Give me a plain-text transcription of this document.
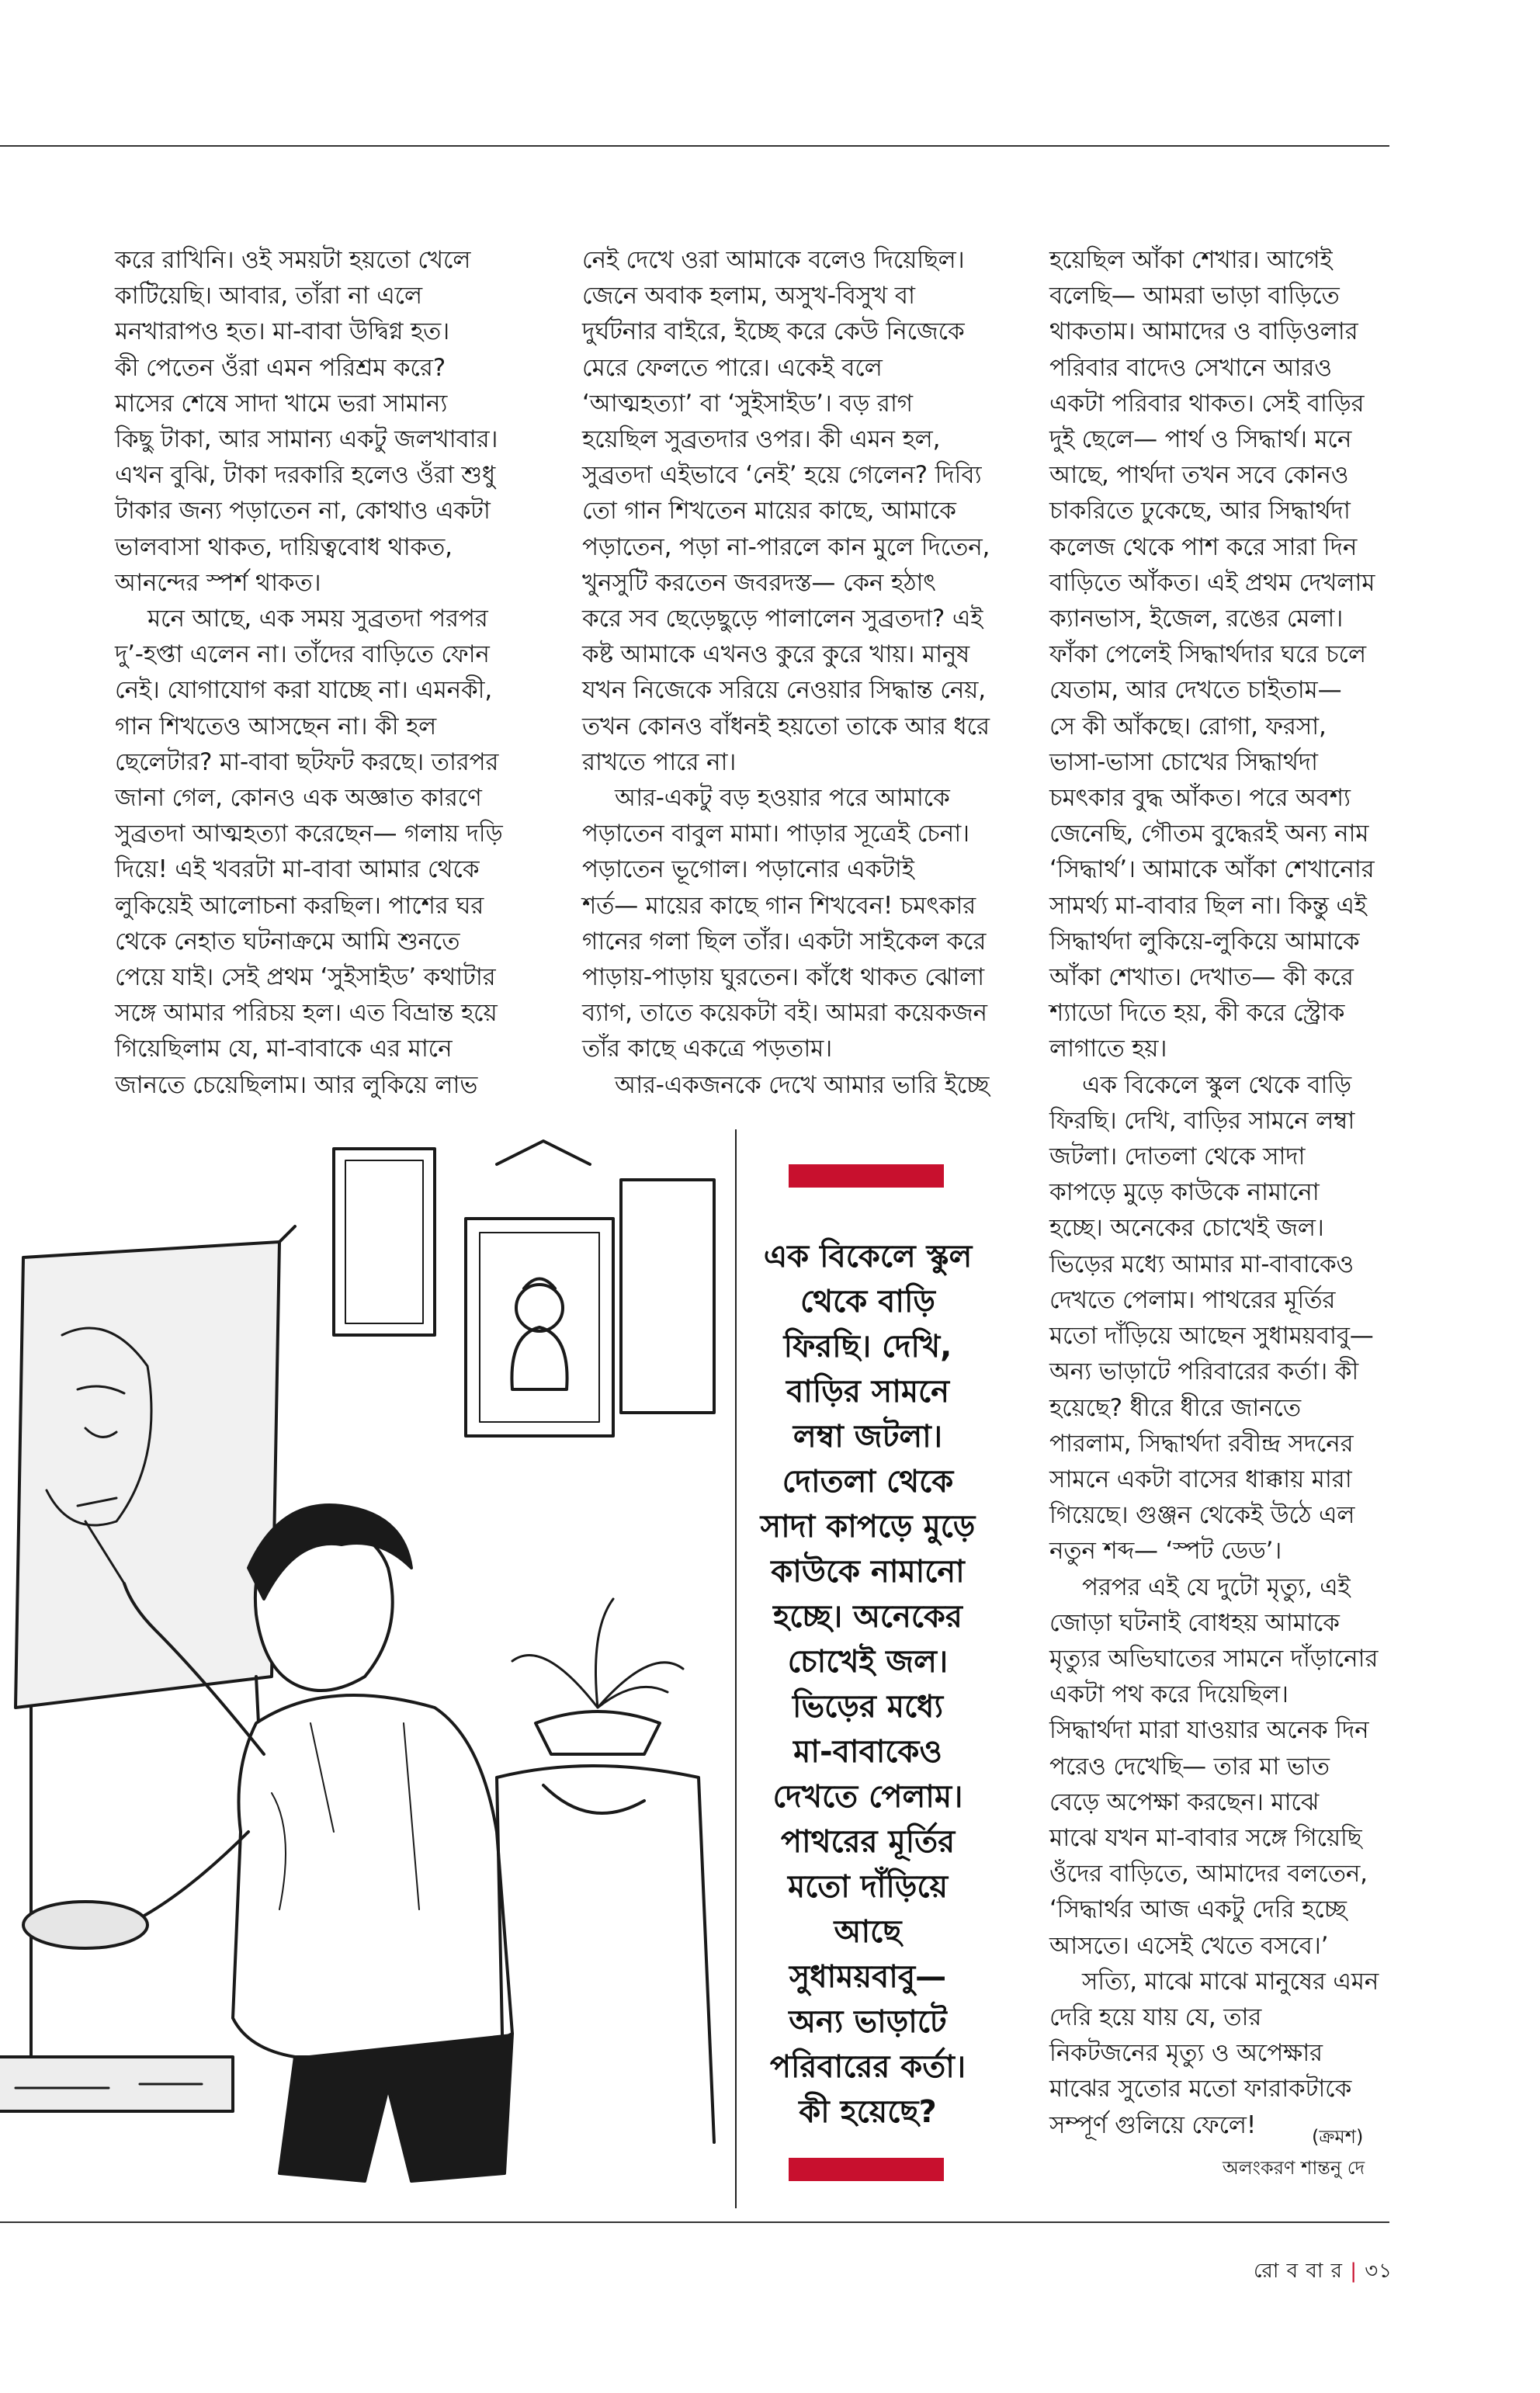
করে রাখিনি। ওই সময়টা হয়তো খেলে

কাটিয়েছি। আবার, তাঁরা না এলে

মনখারাপও হত। মা-বাবা উদ্বিগ্ন হত।

কী পেতেন ওঁরা এমন পরিশ্রম করে?

মাসের শেষে সাদা খামে ভরা সামান্য

কিছু টাকা, আর সামান্য একটু জলখাবার।

এখন বুঝি, টাকা দরকারি হলেও ওঁরা শুধু

টাকার জন্য পড়াতেন না, কোথাও একটা

ভালবাসা থাকত, দায়িত্ববোধ থাকত,

আনন্দের স্পর্শ থাকত।

মনে আছে, এক সময় সুব্রতদা পরপর

দু’-হপ্তা এলেন না। তাঁদের বাড়িতে ফোন

নেই। যোগাযোগ করা যাচ্ছে না। এমনকী,

গান শিখতেও আসছেন না। কী হল

ছেলেটার? মা-বাবা ছটফট করছে। তারপর

জানা গেল, কোনও এক অজ্ঞাত কারণে

সুব্রতদা আত্মহত্যা করেছেন— গলায় দড়ি

দিয়ে! এই খবরটা মা-বাবা আমার থেকে

লুকিয়েই আলোচনা করছিল। পাশের ঘর

থেকে নেহাত ঘটনাক্রমে আমি শুনতে

পেয়ে যাই। সেই প্রথম ‘সুইসাইড’ কথাটার

সঙ্গে আমার পরিচয় হল। এত বিভ্রান্ত হয়ে

গিয়েছিলাম যে, মা-বাবাকে এর মানে

জানতে চেয়েছিলাম। আর লুকিয়ে লাভ

নেই দেখে ওরা আমাকে বলেও দিয়েছিল।

জেনে অবাক হলাম, অসুখ-বিসুখ বা

দুর্ঘটনার বাইরে, ইচ্ছে করে কেউ নিজেকে

মেরে ফেলতে পারে। একেই বলে

‘আত্মহত্যা’ বা ‘সুইসাইড’। বড় রাগ

হয়েছিল সুব্রতদার ওপর। কী এমন হল,

সুব্রতদা এইভাবে ‘নেই’ হয়ে গেলেন? দিব্যি

তো গান শিখতেন মায়ের কাছে, আমাকে

পড়াতেন, পড়া না-পারলে কান মুলে দিতেন,

খুনসুটি করতেন জবরদস্ত— কেন হঠাৎ

করে সব ছেড়েছুড়ে পালালেন সুব্রতদা? এই

কষ্ট আমাকে এখনও কুরে কুরে খায়। মানুষ

যখন নিজেকে সরিয়ে নেওয়ার সিদ্ধান্ত নেয়,

তখন কোনও বাঁধনই হয়তো তাকে আর ধরে

রাখতে পারে না।

আর-একটু বড় হওয়ার পরে আমাকে

পড়াতেন বাবুল মামা। পাড়ার সূত্রেই চেনা।

পড়াতেন ভূগোল। পড়ানোর একটাই

শর্ত— মায়ের কাছে গান শিখবেন! চমৎকার

গানের গলা ছিল তাঁর। একটা সাইকেল করে

পাড়ায়-পাড়ায় ঘুরতেন। কাঁধে থাকত ঝোলা

ব্যাগ, তাতে কয়েকটা বই। আমরা কয়েকজন

তাঁর কাছে একত্রে পড়তাম।

আর-একজনকে দেখে আমার ভারি ইচ্ছে

হয়েছিল আঁকা শেখার। আগেই

বলেছি— আমরা ভাড়া বাড়িতে

থাকতাম। আমাদের ও বাড়িওলার

পরিবার বাদেও সেখানে আরও

একটা পরিবার থাকত। সেই বাড়ির

দুই ছেলে— পার্থ ও সিদ্ধার্থ। মনে

আছে, পার্থদা তখন সবে কোনও

চাকরিতে ঢুকেছে, আর সিদ্ধার্থদা

কলেজ থেকে পাশ করে সারা দিন

বাড়িতে আঁকত। এই প্রথম দেখলাম

ক্যানভাস, ইজেল, রঙের মেলা।

ফাঁকা পেলেই সিদ্ধার্থদার ঘরে চলে

যেতাম, আর দেখতে চাইতাম—

সে কী আঁকছে। রোগা, ফরসা,

ভাসা-ভাসা চোখের সিদ্ধার্থদা

চমৎকার বুদ্ধ আঁকত। পরে অবশ্য

জেনেছি, গৌতম বুদ্ধেরই অন্য নাম

‘সিদ্ধার্থ’। আমাকে আঁকা শেখানোর

সামর্থ্য মা-বাবার ছিল না। কিন্তু এই

সিদ্ধার্থদা লুকিয়ে-লুকিয়ে আমাকে

আঁকা শেখাত। দেখাত— কী করে

শ্যাডো দিতে হয়, কী করে স্ট্রোক

লাগাতে হয়।

এক বিকেলে স্কুল থেকে বাড়ি

ফিরছি। দেখি, বাড়ির সামনে লম্বা

জটলা। দোতলা থেকে সাদা

কাপড়ে মুড়ে কাউকে নামানো

হচ্ছে। অনেকের চোখেই জল।

ভিড়ের মধ্যে আমার মা-বাবাকেও

দেখতে পেলাম। পাথরের মূর্তির

মতো দাঁড়িয়ে আছেন সুধাময়বাবু—

অন্য ভাড়াটে পরিবারের কর্তা। কী

হয়েছে? ধীরে ধীরে জানতে

পারলাম, সিদ্ধার্থদা রবীন্দ্র সদনের

সামনে একটা বাসের ধাক্কায় মারা

গিয়েছে। গুঞ্জন থেকেই উঠে এল

নতুন শব্দ— ‘স্পট ডেড’।

পরপর এই যে দুটো মৃত্যু, এই

জোড়া ঘটনাই বোধহয় আমাকে

মৃত্যুর অভিঘাতের সামনে দাঁড়ানোর

একটা পথ করে দিয়েছিল।

সিদ্ধার্থদা মারা যাওয়ার অনেক দিন

পরেও দেখেছি— তার মা ভাত

বেড়ে অপেক্ষা করছেন। মাঝে

মাঝে যখন মা-বাবার সঙ্গে গিয়েছি

ওঁদের বাড়িতে, আমাদের বলতেন,

‘সিদ্ধার্থর আজ একটু দেরি হচ্ছে

আসতে। এসেই খেতে বসবে।’

সত্যি, মাঝে মাঝে মানুষের এমন

দেরি হয়ে যায় যে, তার

নিকটজনের মৃত্যু ও অপেক্ষার

মাঝের সুতোর মতো ফারাকটাকে

সম্পূর্ণ গুলিয়ে ফেলে!

এক বিকেলে স্কুল

থেকে বাড়ি

ফিরছি। দেখি,

বাড়ির সামনে

লম্বা জটলা।

দোতলা থেকে

সাদা কাপড়ে মুড়ে

কাউকে নামানো

হচ্ছে। অনেকের

চোখেই জল।

ভিড়ের মধ্যে

মা-বাবাকেও

দেখতে পেলাম।

পাথরের মূর্তির

মতো দাঁড়িয়ে

আছে

সুধাময়বাবু—

অন্য ভাড়াটে

পরিবারের কর্তা।

কী হয়েছে?

(ক্রমশ)
অলংকরণ শান্তনু দে
রো ব বা র | ৩১
